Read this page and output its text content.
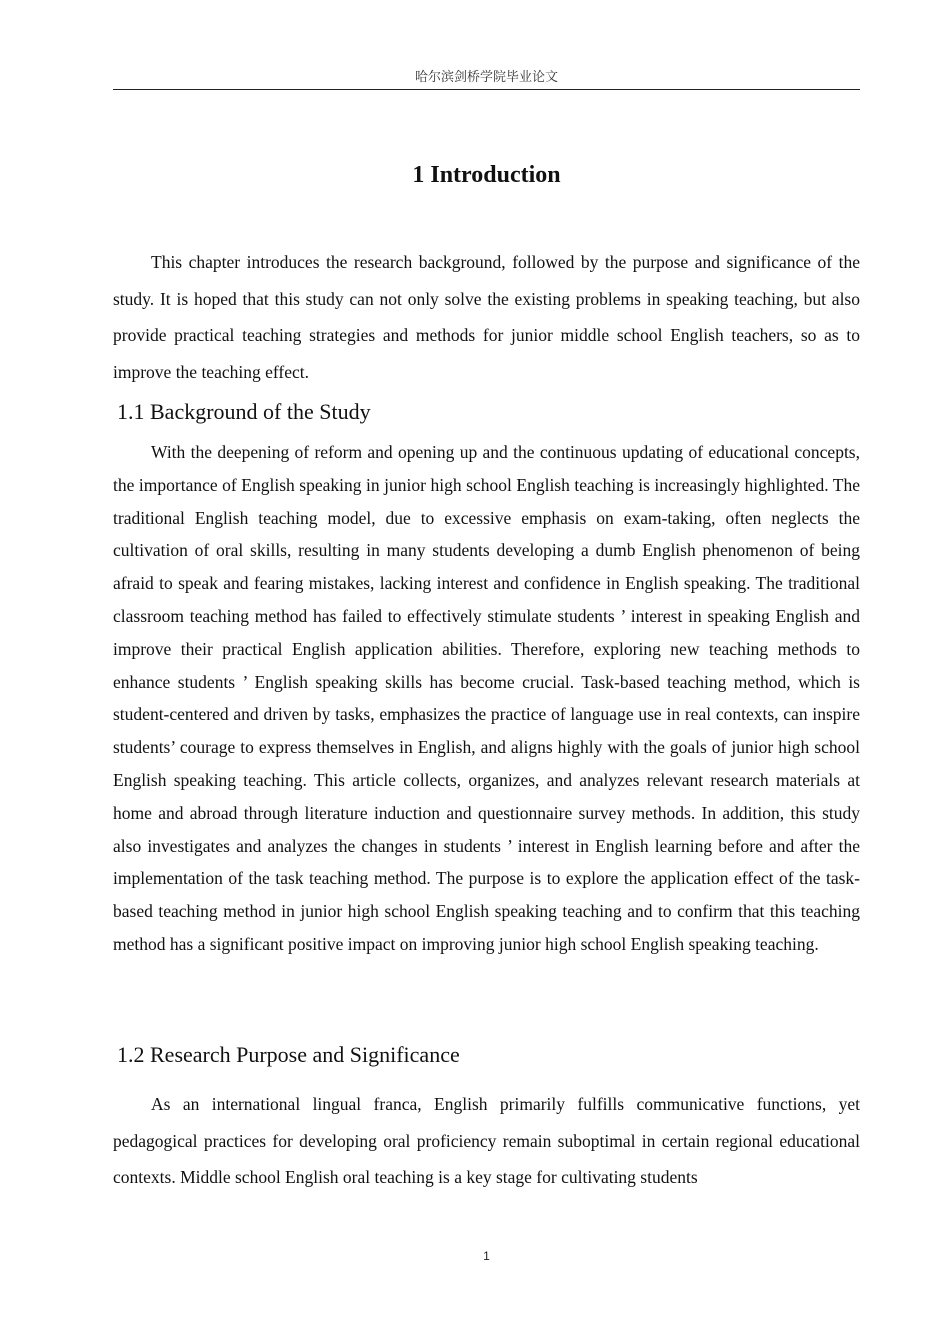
哈尔滨剑桥学院毕业论文
1 Introduction

This chapter introduces the research background, followed by the purpose and significance of the study. It is hoped that this study can not only solve the existing problems in speaking teaching, but also provide practical teaching strategies and methods for junior middle school English teachers, so as to improve the teaching effect.

1.1 Background of the Study

With the deepening of reform and opening up and the continuous updating of educational concepts, the importance of English speaking in junior high school English teaching is increasingly highlighted. The traditional English teaching model, due to excessive emphasis on exam-taking, often neglects the cultivation of oral skills, resulting in many students developing a dumb English phenomenon of being afraid to speak and fearing mistakes, lacking interest and confidence in English speaking. The traditional classroom teaching method has failed to effectively stimulate students ’ interest in speaking English and improve their practical English application abilities. Therefore, exploring new teaching methods to enhance students ’ English speaking skills has become crucial. Task-based teaching method, which is student-centered and driven by tasks, emphasizes the practice of language use in real contexts, can inspire students’ courage to express themselves in English, and aligns highly with the goals of junior high school English speaking teaching. This article collects, organizes, and analyzes relevant research materials at home and abroad through literature induction and questionnaire survey methods. In addition, this study also investigates and analyzes the changes in students ’ interest in English learning before and after the implementation of the task teaching method. The purpose is to explore the application effect of the task-based teaching method in junior high school English speaking teaching and to confirm that this teaching method has a significant positive impact on improving junior high school English speaking teaching.

1.2 Research Purpose and Significance

As an international lingual franca, English primarily fulfills communicative functions, yet pedagogical practices for developing oral proficiency remain suboptimal in certain regional educational contexts. Middle school English oral teaching is a key stage for cultivating students

1
